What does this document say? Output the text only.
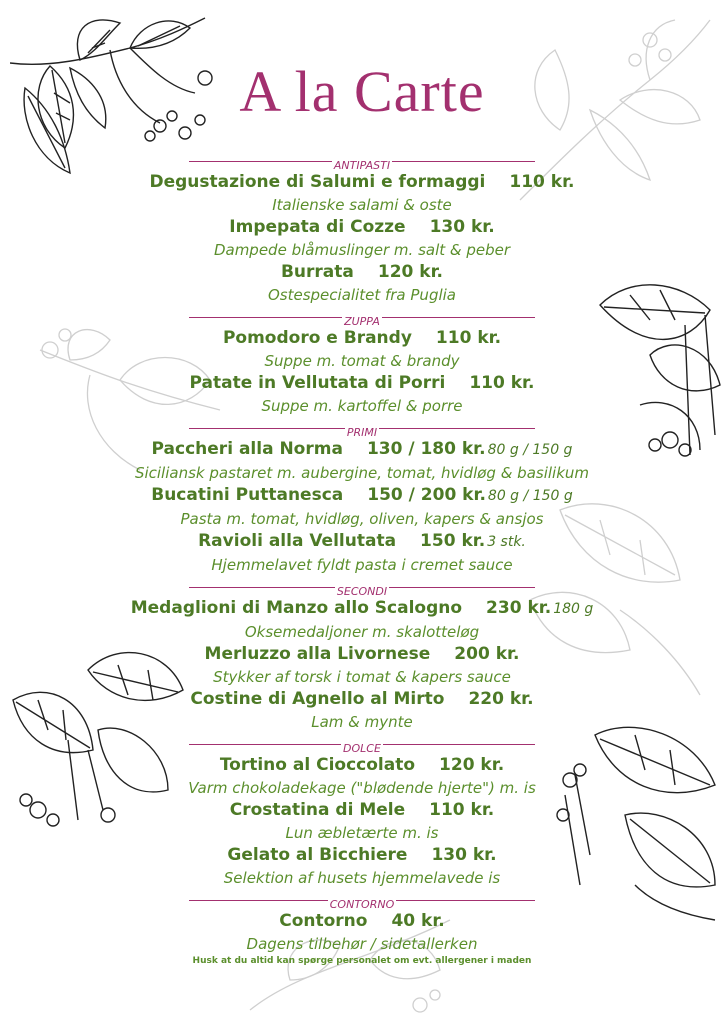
A la Carte
ANTIPASTI
Degustazione di Salumi e formaggi 110 kr.
Italienske salami & oste
Impepata di Cozze 130 kr.
Dampede blåmuslinger m. salt & peber
Burrata 120 kr.
Ostespecialitet fra Puglia
ZUPPA
Pomodoro e Brandy 110 kr.
Suppe m. tomat & brandy
Patate in Vellutata di Porri 110 kr.
Suppe m. kartoffel & porre
PRIMI
Paccheri alla Norma 130 / 180 kr. 80 g / 150 g
Siciliansk pastaret m. aubergine, tomat, hvidløg & basilikum
Bucatini Puttanesca 150 / 200 kr. 80 g / 150 g
Pasta m. tomat, hvidløg, oliven, kapers & ansjos
Ravioli alla Vellutata 150 kr. 3 stk.
Hjemmelavet fyldt pasta i cremet sauce
SECONDI
Medaglioni di Manzo allo Scalogno 230 kr. 180 g
Oksemedaljoner m. skalotteløg
Merluzzo alla Livornese 200 kr.
Stykker af torsk i tomat & kapers sauce
Costine di Agnello al Mirto 220 kr.
Lam & mynte
DOLCE
Tortino al Cioccolato 120 kr.
Varm chokoladekage ("blødende hjerte") m. is
Crostatina di Mele 110 kr.
Lun æbletærte m. is
Gelato al Bicchiere 130 kr.
Selektion af husets hjemmelavede is
CONTORNO
Contorno 40 kr.
Dagens tilbehør / sidetallerken
Husk at du altid kan spørge personalet om evt. allergener i maden
